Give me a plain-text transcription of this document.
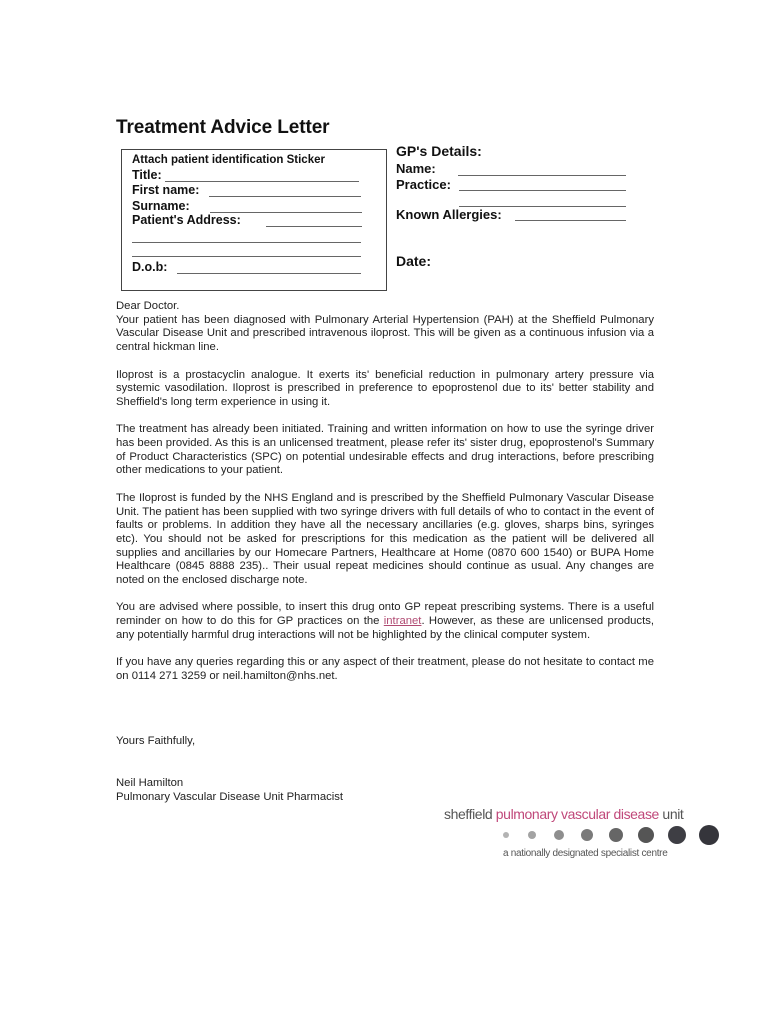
Treatment Advice Letter
Attach patient identification Sticker
Title:
First name:
Surname:
Patient's Address:
D.o.b:
GP's Details:
Name:
Practice:
Known Allergies:
Date:

Dear Doctor.

Your patient has been diagnosed with Pulmonary Arterial Hypertension (PAH) at the Sheffield Pulmonary Vascular Disease Unit and prescribed intravenous iloprost. This will be given as a continuous infusion via a central hickman line.

Iloprost is a prostacyclin analogue. It exerts its' beneficial reduction in pulmonary artery pressure via systemic vasodilation. Iloprost is prescribed in preference to epoprostenol due to its' better stability and Sheffield's long term experience in using it.

The treatment has already been initiated. Training and written information on how to use the syringe driver has been provided. As this is an unlicensed treatment, please refer its' sister drug, epoprostenol's Summary of Product Characteristics (SPC) on potential undesirable effects and drug interactions, before prescribing other medications to your patient.

The Iloprost is funded by the NHS England and is prescribed by the Sheffield Pulmonary Vascular Disease Unit. The patient has been supplied with two syringe drivers with full details of who to contact in the event of faults or problems. In addition they have all the necessary ancillaries (e.g. gloves, sharps bins, syringes etc). You should not be asked for prescriptions for this medication as the patient will be delivered all supplies and ancillaries by our Homecare Partners, Healthcare at Home (0870 600 1540) or BUPA Home Healthcare (0845 8888 235).. Their usual repeat medicines should continue as usual. Any changes are noted on the enclosed discharge note.

You are advised where possible, to insert this drug onto GP repeat prescribing systems. There is a useful reminder on how to do this for GP practices on the intranet. However, as these are unlicensed products, any potentially harmful drug interactions will not be highlighted by the clinical computer system.

If you have any queries regarding this or any aspect of their treatment, please do not hesitate to contact me on 0114 271 3259 or neil.hamilton@nhs.net.

Yours Faithfully,
Neil Hamilton
Pulmonary Vascular Disease Unit Pharmacist
sheffield pulmonary vascular disease unit
a nationally designated specialist centre
